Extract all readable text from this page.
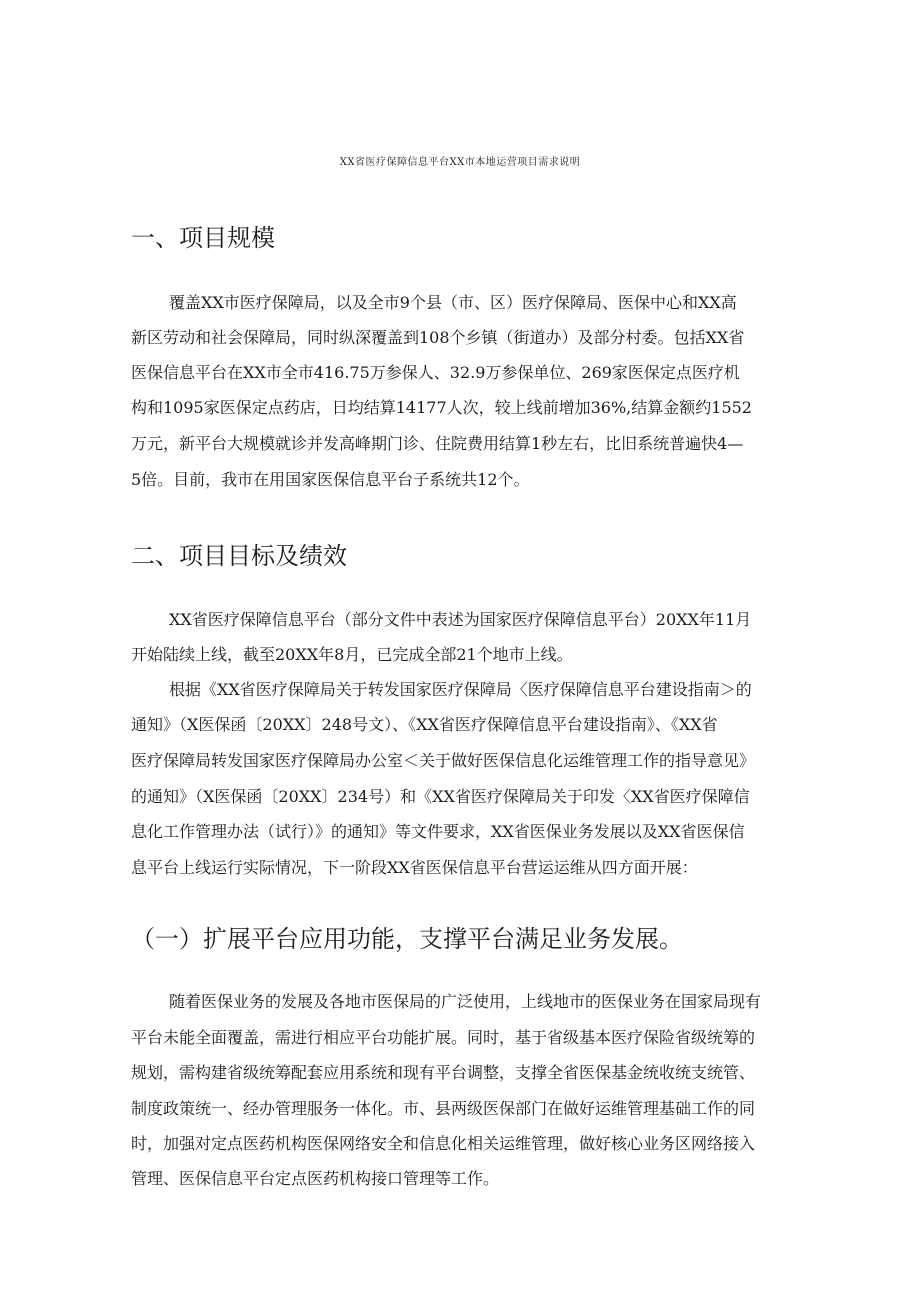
XX省医疗保障信息平台XX市本地运营项目需求说明
一、项目规模
覆盖XX市医疗保障局，以及全市9个县（市、区）医疗保障局、医保中心和XX高
新区劳动和社会保障局，同时纵深覆盖到108个乡镇（街道办）及部分村委。包括XX省
医保信息平台在XX市全市416.75万参保人、32.9万参保单位、269家医保定点医疗机
构和1095家医保定点药店，日均结算14177人次，较上线前增加36%,结算金额约1552
万元，新平台大规模就诊并发高峰期门诊、住院费用结算1秒左右，比旧系统普遍快4—
5倍。目前，我市在用国家医保信息平台子系统共12个。
二、项目目标及绩效
XX省医疗保障信息平台（部分文件中表述为国家医疗保障信息平台）20XX年11月
开始陆续上线，截至20XX年8月，已完成全部21个地市上线。
根据《XX省医疗保障局关于转发国家医疗保障局〈医疗保障信息平台建设指南＞的
通知》（X医保函〔20XX〕248号文）、《XX省医疗保障信息平台建设指南》、《XX省
医疗保障局转发国家医疗保障局办公室＜关于做好医保信息化运维管理工作的指导意见》
的通知》（X医保函〔20XX〕234号）和《XX省医疗保障局关于印发〈XX省医疗保障信
息化工作管理办法（试行）》的通知》等文件要求，XX省医保业务发展以及XX省医保信
息平台上线运行实际情况，下一阶段XX省医保信息平台营运运维从四方面开展：
（一）扩展平台应用功能，支撑平台满足业务发展。
随着医保业务的发展及各地市医保局的广泛使用，上线地市的医保业务在国家局现有
平台未能全面覆盖，需进行相应平台功能扩展。同时，基于省级基本医疗保险省级统筹的
规划，需构建省级统筹配套应用系统和现有平台调整，支撑全省医保基金统收统支统管、
制度政策统一、经办管理服务一体化。市、县两级医保部门在做好运维管理基础工作的同
时，加强对定点医药机构医保网络安全和信息化相关运维管理，做好核心业务区网络接入
管理、医保信息平台定点医药机构接口管理等工作。
